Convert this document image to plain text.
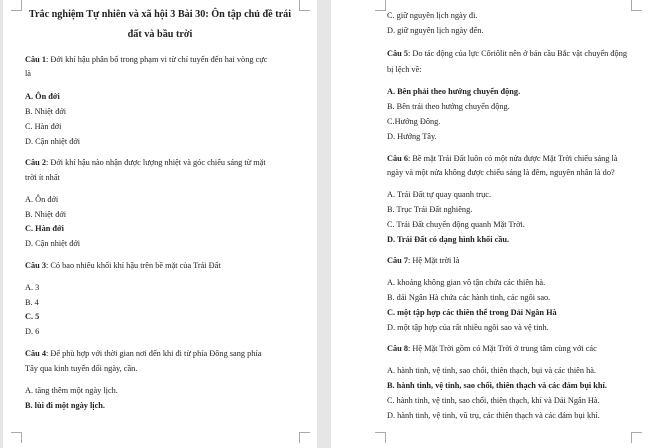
Trắc nghiệm Tự nhiên và xã hội 3 Bài 30: Ôn tập chủ đề trái
đất và bầu trời
Câu 1: Đới khí hậu phân bố trong phạm vi từ chí tuyến đến hai vòng cực
là
A. Ôn đới
B. Nhiệt đới
C. Hàn đới
D. Cận nhiệt đới
Câu 2: Đới khí hậu nào nhận được lượng nhiệt và góc chiếu sáng từ mặt
trời ít nhất
A. Ôn đới
B. Nhiệt đới
C. Hàn đới
D. Cận nhiệt đới
Câu 3: Có bao nhiêu khối khí hậu trên bề mặt của Trái Đất
A. 3
B. 4
C. 5
D. 6
Câu 4: Để phù hợp với thời gian nơi đến khi đi từ phía Đông sang phía
Tây qua kinh tuyến đổi ngày, cần.
A. tăng thêm một ngày lịch.
B. lùi đi một ngày lịch.
C. giữ nguyên lịch ngày đi.
D. giữ nguyên lịch ngày đến.
Câu 5: Do tác động của lực Côriôlit nên ở bán cầu Bắc vật chuyển động
bị lệch về:
A. Bên phải theo hướng chuyển động.
B. Bên trái theo hướng chuyển động.
C.Hướng Đông.
D. Hướng Tây.
Câu 6: Bề mặt Trái Đất luôn có một nửa được Mặt Trời chiếu sáng là
ngày và một nửa không được chiếu sáng là đêm, nguyên nhân là do?
A. Trái Đất tự quay quanh trục.
B. Trục Trái Đất nghiêng.
C. Trái Đất chuyển động quanh Mặt Trời.
D. Trái Đất có dạng hình khối cầu.
Câu 7: Hệ Mặt trời là
A. khoảng không gian vô tận chứa các thiên hà.
B. dải Ngân Hà chứa các hành tinh, các ngôi sao.
C. một tập hợp các thiên thể trong Dải Ngân Hà
D. một tập hợp của rất nhiều ngôi sao và vệ tinh.
Câu 8: Hệ Mặt Trời gồm có Mặt Trời ở trung tâm cùng với các
A. hành tinh, vệ tinh, sao chổi, thiên thạch, bụi và các thiên hà.
B. hành tinh, vệ tinh, sao chổi, thiên thạch và các đám bụi khí.
C. hành tinh, vệ tinh, sao chổi, thiên thạch, khí và Dải Ngân Hà.
D. hành tinh, vệ tinh, vũ trụ, các thiên thạch và các đám bụi khí.
